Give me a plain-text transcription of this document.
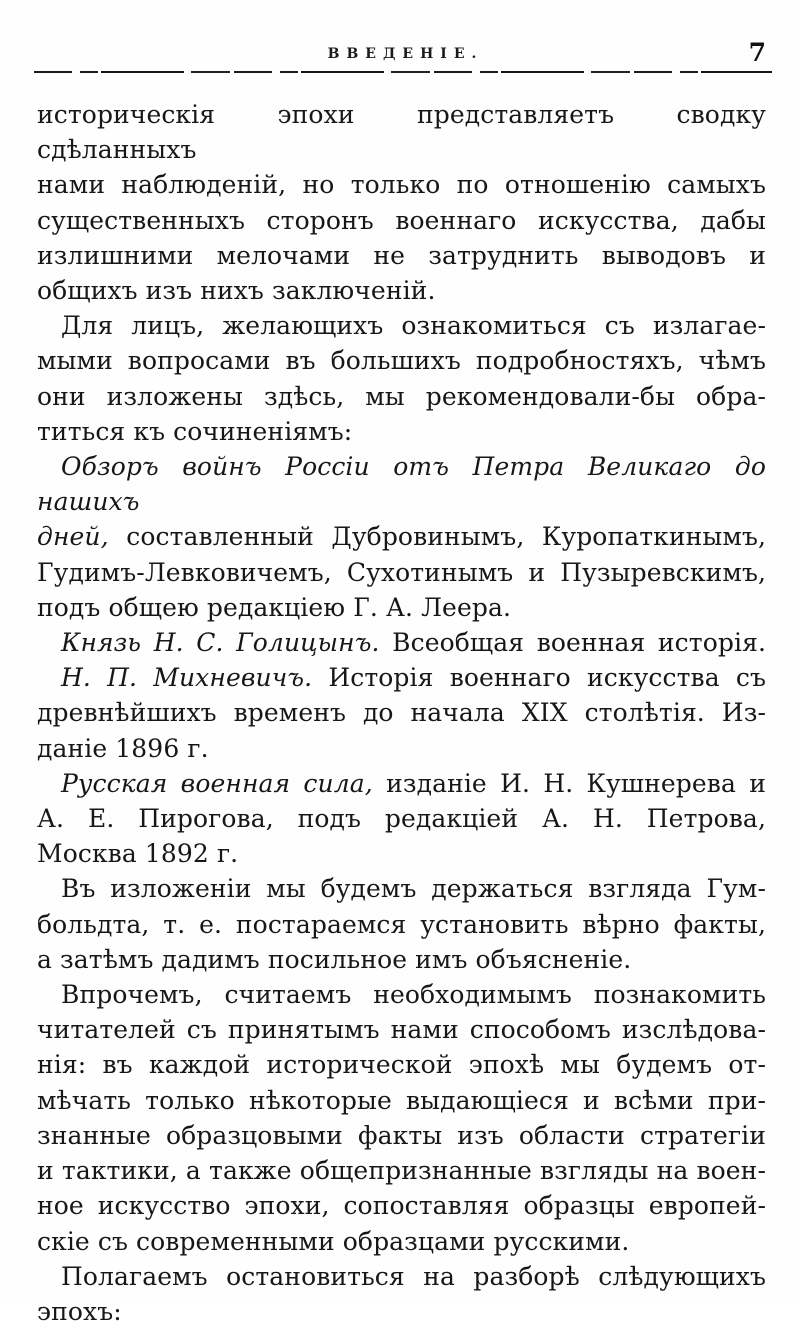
ВВЕДЕНІЕ.	7
историческія эпохи представляетъ сводку сдѣланныхъ
нами наблюденій, но только по отношенію самыхъ
существенныхъ сторонъ военнаго искусства, дабы
излишними мелочами не затруднить выводовъ и
общихъ изъ нихъ заключеній.
Для лицъ, желающихъ ознакомиться съ излагае-
мыми вопросами въ большихъ подробностяхъ, чѣмъ
они изложены здѣсь, мы рекомендовали-бы обра-
титься къ сочиненіямъ:
Обзоръ войнъ Россіи отъ Петра Великаго до нашихъ
дней, составленный Дубровинымъ, Куропаткинымъ,
Гудимъ-Левковичемъ, Сухотинымъ и Пузыревскимъ,
подъ общею редакціею Г. А. Леера.
Князь Н. С. Голицынъ. Всеобщая военная исторія.
Н. П. Михневичъ. Исторія военнаго искусства съ
древнѣйшихъ временъ до начала XIX столѣтія. Из-
даніе 1896 г.
Русская военная сила, изданіе И. Н. Кушнерева и
А. Е. Пирогова, подъ редакціей А. Н. Петрова,
Москва 1892 г.
Въ изложеніи мы будемъ держаться взгляда Гум-
больдта, т. е. постараемся установить вѣрно факты,
а затѣмъ дадимъ посильное имъ объясненіе.
Впрочемъ, считаемъ необходимымъ познакомить
читателей съ принятымъ нами способомъ изслѣдова-
нія: въ каждой исторической эпохѣ мы будемъ от-
мѣчать только нѣкоторые выдающіеся и всѣми при-
знанные образцовыми факты изъ области стратегіи
и тактики, а также общепризнанные взгляды на воен-
ное искусство эпохи, сопоставляя образцы европей-
скіе съ современными образцами русскими.
Полагаемъ остановиться на разборѣ слѣдующихъ
эпохъ:
